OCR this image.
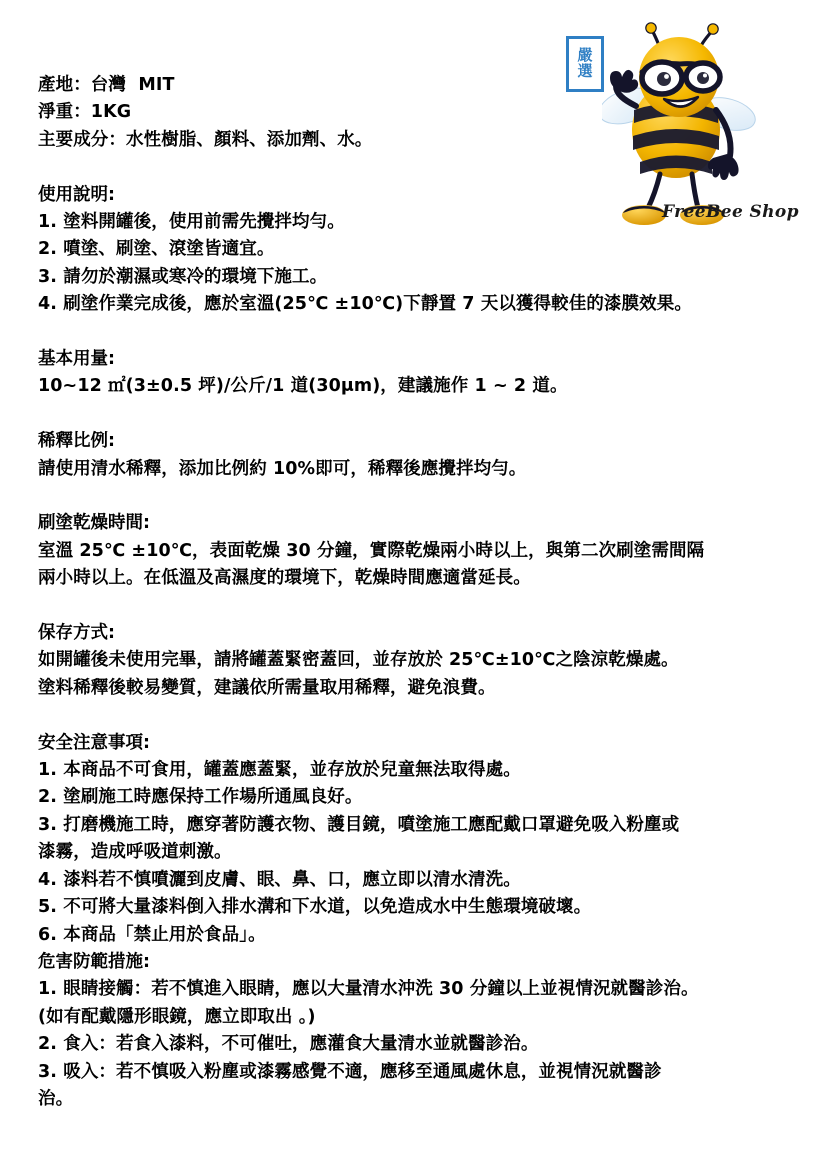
嚴
選
FreeBee Shop
產地：台灣  MIT
淨重：1KG
主要成分：水性樹脂、顏料、添加劑、水。
使用說明:
1. 塗料開罐後，使用前需先攪拌均勻。
2. 噴塗、刷塗、滾塗皆適宜。
3. 請勿於潮濕或寒冷的環境下施工。
4. 刷塗作業完成後，應於室溫(25℃ ±10℃)下靜置 7 天以獲得較佳的漆膜效果。
基本用量:
10~12 ㎡(3±0.5 坪)/公斤/1 道(30μm)，建議施作 1 ~ 2 道。
稀釋比例:
請使用清水稀釋，添加比例約 10%即可，稀釋後應攪拌均勻。
刷塗乾燥時間:
室溫 25℃ ±10℃，表面乾燥 30 分鐘，實際乾燥兩小時以上，與第二次刷塗需間隔
兩小時以上。在低溫及高濕度的環境下，乾燥時間應適當延長。
保存方式:
如開罐後未使用完畢，請將罐蓋緊密蓋回，並存放於 25℃±10℃之陰涼乾燥處。
塗料稀釋後較易變質，建議依所需量取用稀釋，避免浪費。
安全注意事項:
1. 本商品不可食用，罐蓋應蓋緊，並存放於兒童無法取得處。
2. 塗刷施工時應保持工作場所通風良好。
3. 打磨機施工時，應穿著防護衣物、護目鏡，噴塗施工應配戴口罩避免吸入粉塵或
漆霧，造成呼吸道刺激。
4. 漆料若不慎噴灑到皮膚、眼、鼻、口，應立即以清水清洗。
5. 不可將大量漆料倒入排水溝和下水道，以免造成水中生態環境破壞。
6. 本商品「禁止用於食品」。
危害防範措施:
1. 眼睛接觸：若不慎進入眼睛，應以大量清水沖洗 30 分鐘以上並視情況就醫診治。
(如有配戴隱形眼鏡，應立即取出 。)
2. 食入：若食入漆料，不可催吐，應灌食大量清水並就醫診治。
3. 吸入：若不慎吸入粉塵或漆霧感覺不適，應移至通風處休息，並視情況就醫診
治。
